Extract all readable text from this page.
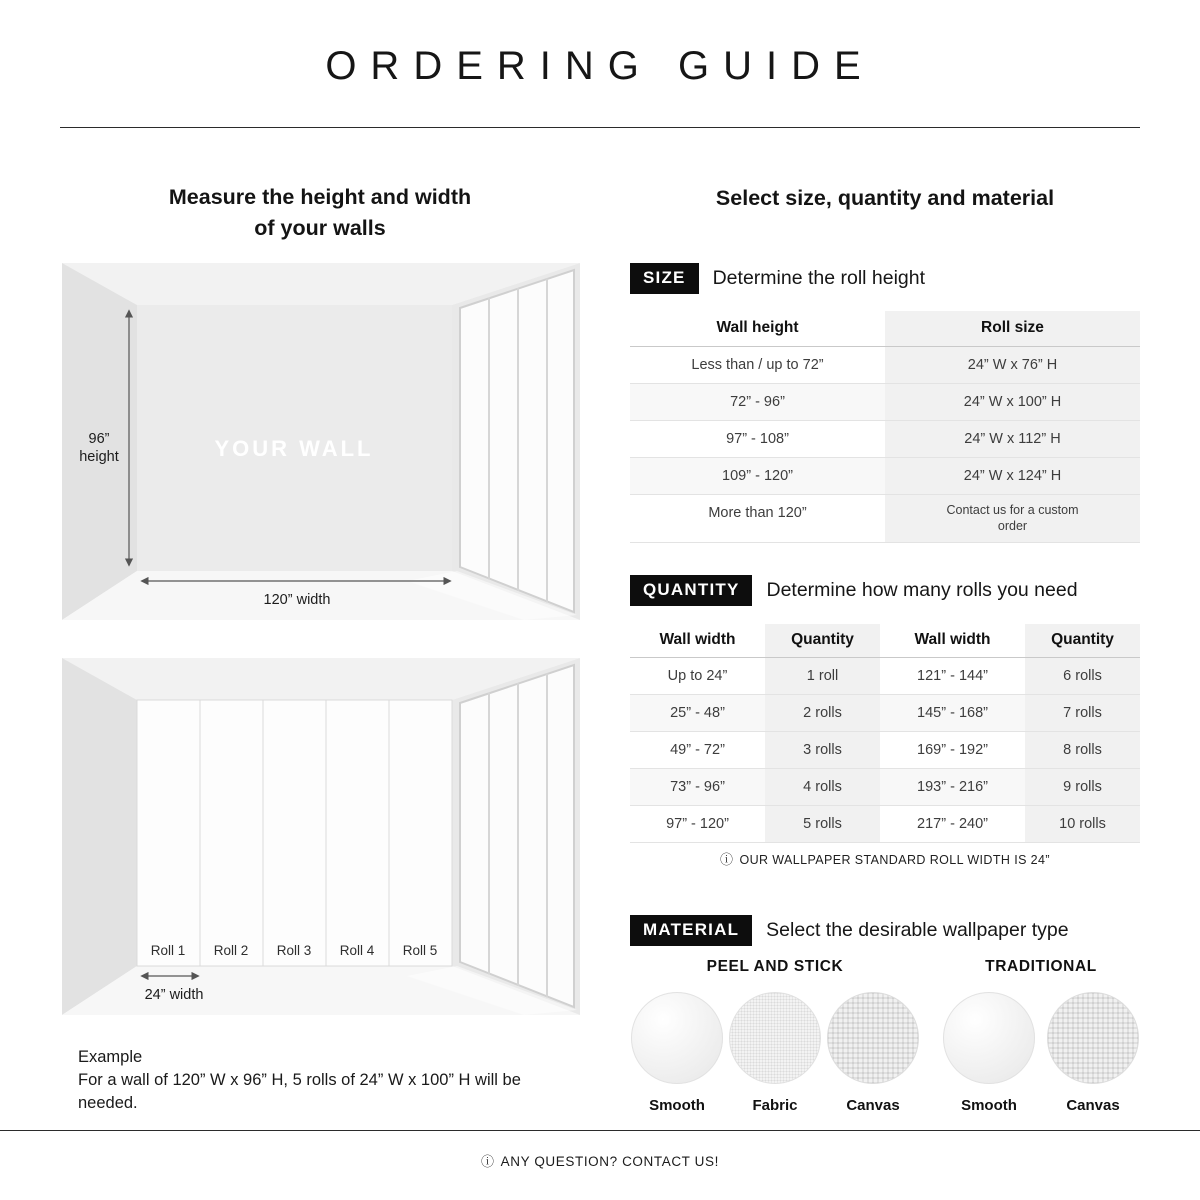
ORDERING GUIDE
Measure the height and width
of your walls
YOUR WALL
96”
height
120” width
Roll 1 Roll 2 Roll 3 Roll 4 Roll 5
24” width
Example
For a wall of 120” W x 96” H, 5 rolls of 24” W x 100” H will be needed.
Select size, quantity and material
SIZE	Determine the roll height
Wall height	Roll size
Less than / up to 72”	24” W x 76” H
72” - 96”	24” W x 100” H
97” - 108”	24” W x 112” H
109” - 120”	24” W x 124” H
More than 120”	Contact us for a custom order
QUANTITY	Determine how many rolls you need
Wall width	Quantity	Wall width	Quantity
Up to 24”	1 roll	121” - 144”	6 rolls
25” - 48”	2 rolls	145” - 168”	7 rolls
49” - 72”	3 rolls	169” - 192”	8 rolls
73” - 96”	4 rolls	193” - 216”	9 rolls
97” - 120”	5 rolls	217” - 240”	10 rolls
ⓘ OUR WALLPAPER STANDARD ROLL WIDTH IS 24”
MATERIAL	Select the desirable wallpaper type
PEEL AND STICK
Smooth	Fabric	Canvas
TRADITIONAL
Smooth	Canvas
ⓘ ANY QUESTION? CONTACT US!
